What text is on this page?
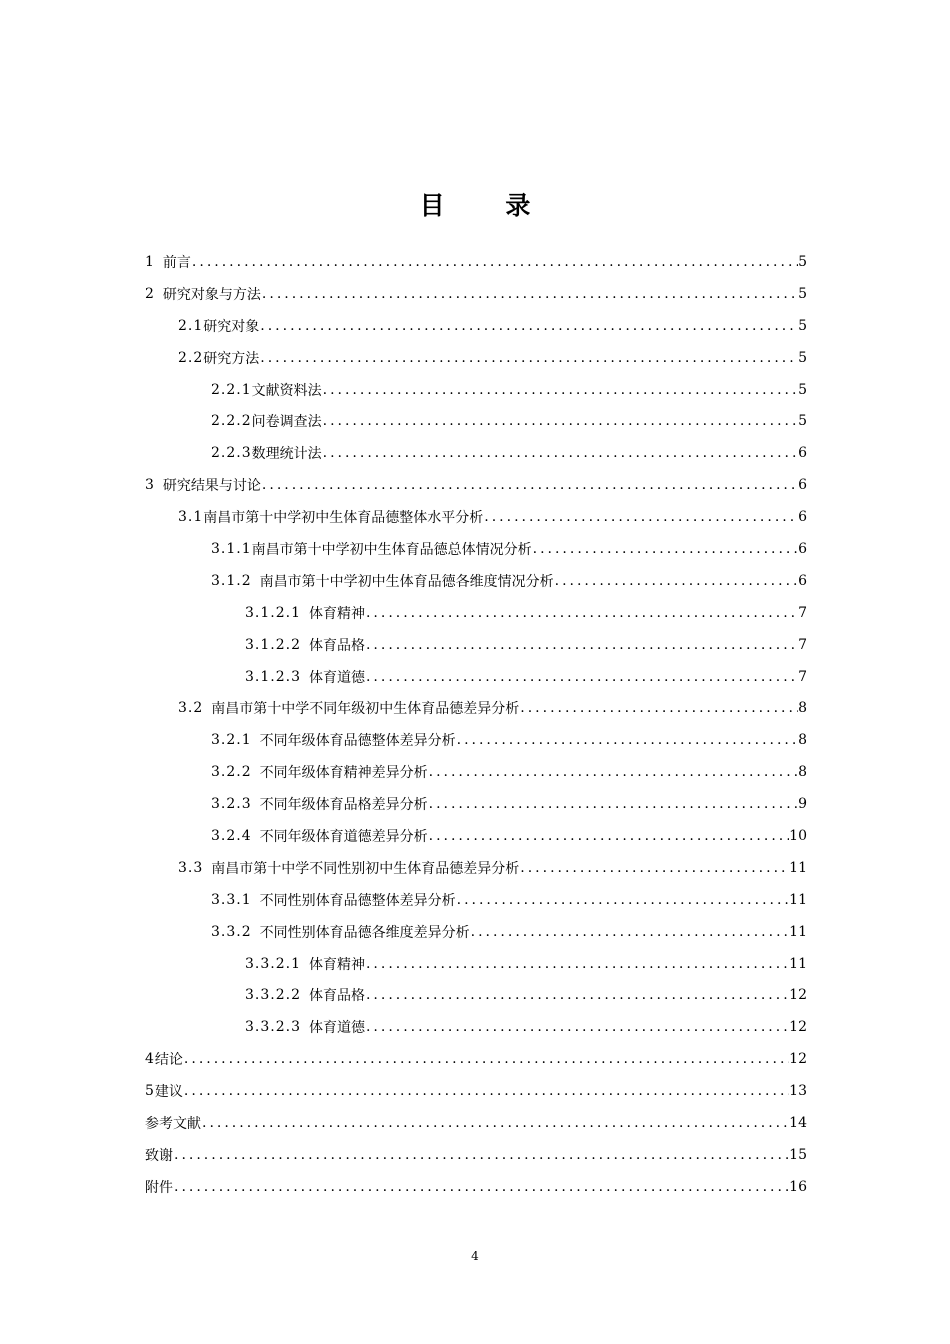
目 录
1 前言 .....	5
2 研究对象与方法 .....	5
2.1 研究对象 .....	5
2.2 研究方法 .....	5
2.2.1 文献资料法 .....	5
2.2.2 问卷调查法 .....	5
2.2.3 数理统计法 .....	6
3 研究结果与讨论 .....	6
3.1 南昌市第十中学初中生体育品德整体水平分析 .....	6
3.1.1 南昌市第十中学初中生体育品德总体情况分析 .....	6
3.1.2 南昌市第十中学初中生体育品德各维度情况分析 .....	6
3.1.2.1 体育精神 .....	7
3.1.2.2 体育品格 .....	7
3.1.2.3 体育道德 .....	7
3.2 南昌市第十中学不同年级初中生体育品德差异分析 .....	8
3.2.1 不同年级体育品德整体差异分析 .....	8
3.2.2 不同年级体育精神差异分析 .....	8
3.2.3 不同年级体育品格差异分析 .....	9
3.2.4 不同年级体育道德差异分析 .....	10
3.3 南昌市第十中学不同性别初中生体育品德差异分析 .....	11
3.3.1 不同性别体育品德整体差异分析 .....	11
3.3.2 不同性别体育品德各维度差异分析 .....	11
3.3.2.1 体育精神 .....	11
3.3.2.2 体育品格 .....	12
3.3.2.3 体育道德 .....	12
4 结论 .....	12
5 建议 .....	13
参考文献 .....	14
致谢 .....	15
附件 .....	16
4
